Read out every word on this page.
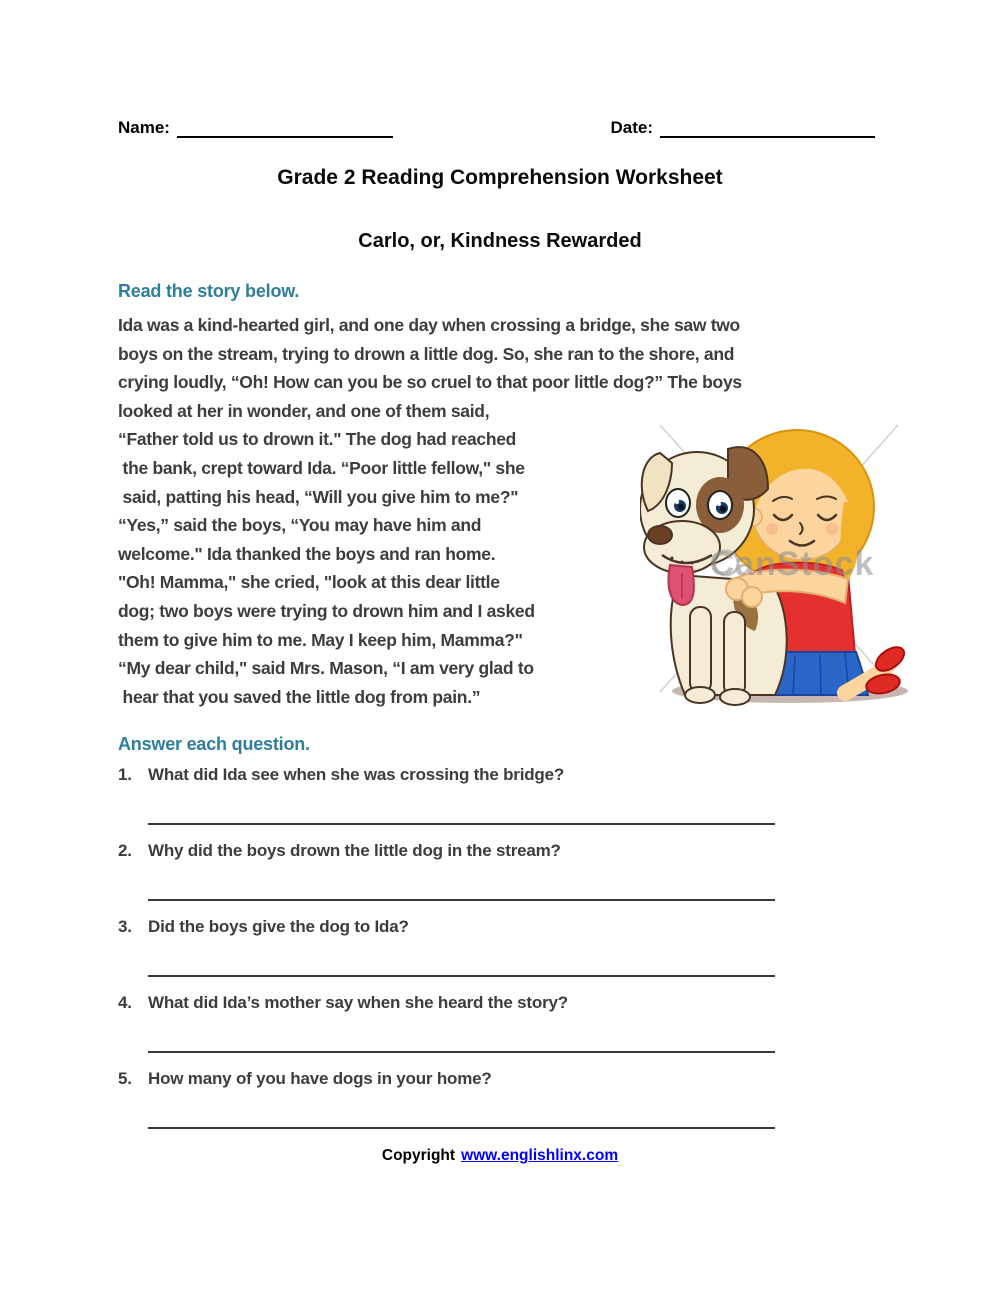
Name:	Date:
Grade 2 Reading Comprehension Worksheet
Carlo, or, Kindness Rewarded
Read the story below.
Ida was a kind-hearted girl, and one day when crossing a bridge, she saw two
boys on the stream, trying to drown a little dog. So, she ran to the shore, and
crying loudly, “Oh! How can you be so cruel to that poor little dog?” The boys
looked at her in wonder, and one of them said,
“Father told us to drown it." The dog had reached
the bank, crept toward Ida. “Poor little fellow," she
said, patting his head, “Will you give him to me?"
“Yes,” said the boys, “You may have him and
welcome." Ida thanked the boys and ran home.
"Oh! Mamma," she cried, "look at this dear little
dog; two boys were trying to drown him and I asked
them to give him to me. May I keep him, Mamma?"
“My dear child," said Mrs. Mason, “I am very glad to
hear that you saved the little dog from pain.”
CanStock
Answer each question.
1. What did Ida see when she was crossing the bridge?
2. Why did the boys drown the little dog in the stream?
3. Did the boys give the dog to Ida?
4. What did Ida’s mother say when she heard the story?
5. How many of you have dogs in your home?
Copyright www.englishlinx.com
